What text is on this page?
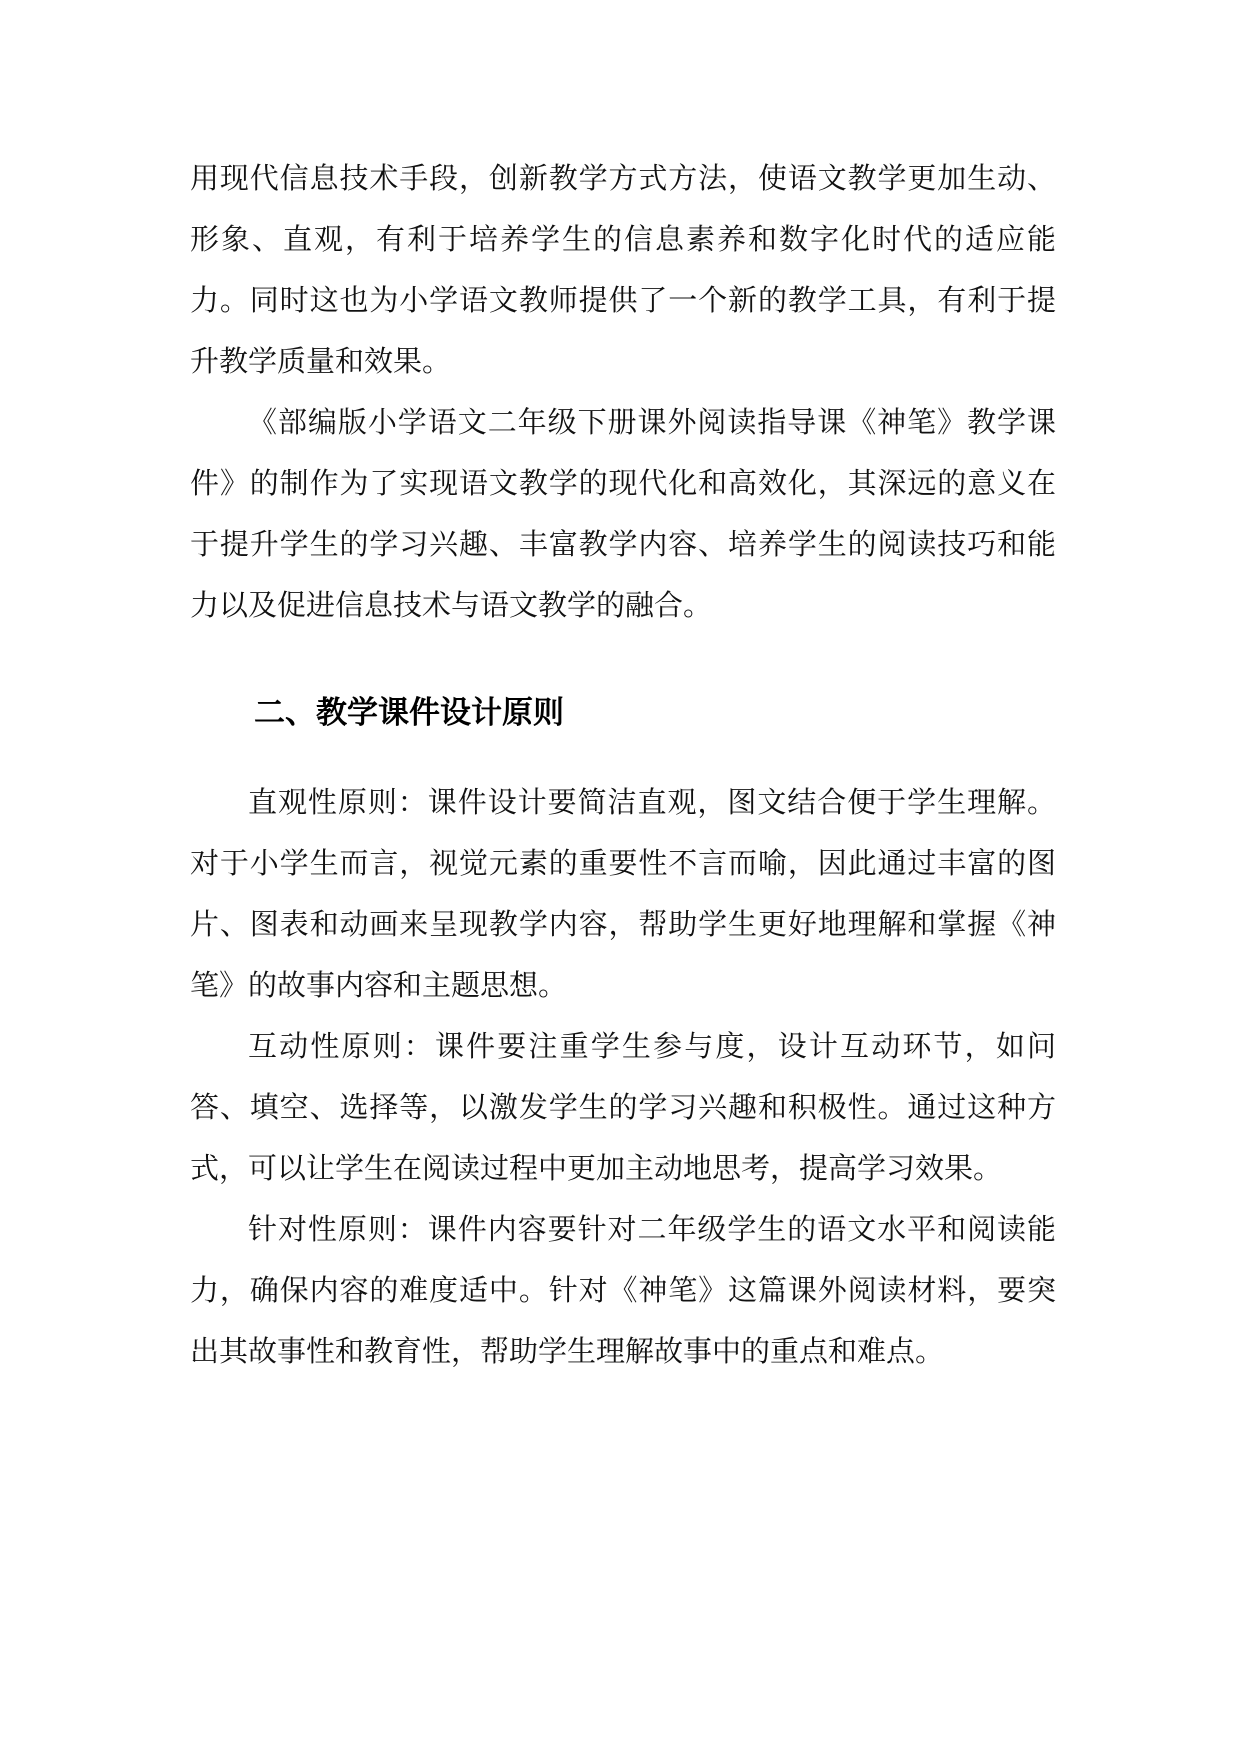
用现代信息技术手段，创新教学方式方法，使语文教学更加生动、形象、直观，有利于培养学生的信息素养和数字化时代的适应能力。同时这也为小学语文教师提供了一个新的教学工具，有利于提升教学质量和效果。

《部编版小学语文二年级下册课外阅读指导课《神笔》教学课件》的制作为了实现语文教学的现代化和高效化，其深远的意义在于提升学生的学习兴趣、丰富教学内容、培养学生的阅读技巧和能力以及促进信息技术与语文教学的融合。

二、教学课件设计原则

直观性原则：课件设计要简洁直观，图文结合便于学生理解。对于小学生而言，视觉元素的重要性不言而喻，因此通过丰富的图片、图表和动画来呈现教学内容，帮助学生更好地理解和掌握《神笔》的故事内容和主题思想。

互动性原则：课件要注重学生参与度，设计互动环节，如问答、填空、选择等，以激发学生的学习兴趣和积极性。通过这种方式，可以让学生在阅读过程中更加主动地思考，提高学习效果。

针对性原则：课件内容要针对二年级学生的语文水平和阅读能力，确保内容的难度适中。针对《神笔》这篇课外阅读材料，要突出其故事性和教育性，帮助学生理解故事中的重点和难点。
